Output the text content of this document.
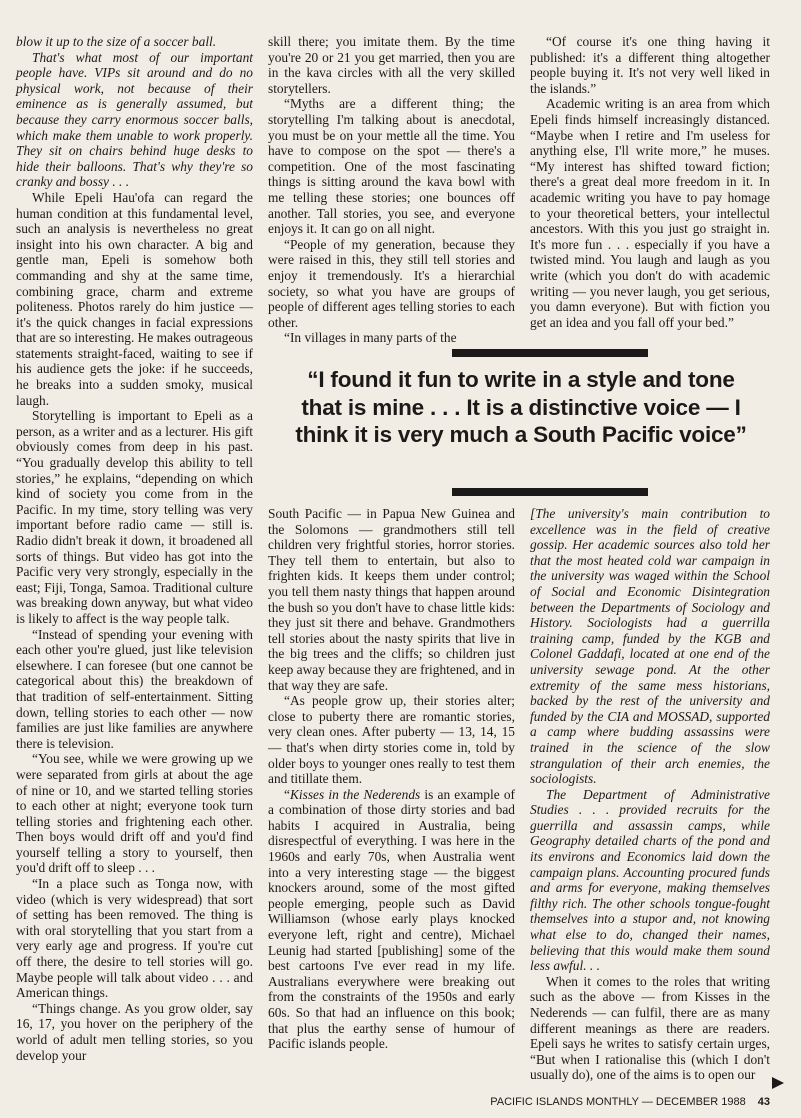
blow it up to the size of a soccer ball.

That's what most of our important people have. VIPs sit around and do no physical work, not because of their eminence as is generally assumed, but because they carry enormous soccer balls, which make them unable to work properly. They sit on chairs behind huge desks to hide their balloons. That's why they're so cranky and bossy . . .

While Epeli Hau'ofa can regard the human condition at this fundamental level, such an analysis is nevertheless no great insight into his own character. A big and gentle man, Epeli is somehow both commanding and shy at the same time, combining grace, charm and extreme politeness. Photos rarely do him justice — it's the quick changes in facial expressions that are so interesting. He makes outrageous statements straight-faced, waiting to see if his audience gets the joke: if he succeeds, he breaks into a sudden smoky, musical laugh.

Storytelling is important to Epeli as a person, as a writer and as a lecturer. His gift obviously comes from deep in his past. “You gradually develop this ability to tell stories,” he explains, “depending on which kind of society you come from in the Pacific. In my time, story telling was very important before radio came — still is. Radio didn't break it down, it broadened all sorts of things. But video has got into the Pacific very very strongly, especially in the east; Fiji, Tonga, Samoa. Traditional culture was breaking down anyway, but what video is likely to affect is the way people talk.

“Instead of spending your evening with each other you're glued, just like television elsewhere. I can foresee (but one cannot be categorical about this) the breakdown of that tradition of self-entertainment. Sitting down, telling stories to each other — now families are just like families are anywhere there is television.

“You see, while we were growing up we were separated from girls at about the age of nine or 10, and we started telling stories to each other at night; everyone took turn telling stories and frightening each other. Then boys would drift off and you'd find yourself telling a story to yourself, then you'd drift off to sleep . . .

“In a place such as Tonga now, with video (which is very widespread) that sort of setting has been removed. The thing is with oral storytelling that you start from a very early age and progress. If you're cut off there, the desire to tell stories will go. Maybe people will talk about video . . . and American things.

“Things change. As you grow older, say 16, 17, you hover on the periphery of the world of adult men telling stories, so you develop your

skill there; you imitate them. By the time you're 20 or 21 you get married, then you are in the kava circles with all the very skilled storytellers.

“Myths are a different thing; the storytelling I'm talking about is anecdotal, you must be on your mettle all the time. You have to compose on the spot — there's a competition. One of the most fascinating things is sitting around the kava bowl with me telling these stories; one bounces off another. Tall stories, you see, and everyone enjoys it. It can go on all night.

“People of my generation, because they were raised in this, they still tell stories and enjoy it tremendously. It's a hierarchial society, so what you have are groups of people of different ages telling stories to each other.

“In villages in many parts of the

“Of course it's one thing having it published: it's a different thing altogether people buying it. It's not very well liked in the islands.”

Academic writing is an area from which Epeli finds himself increasingly distanced. “Maybe when I retire and I'm useless for anything else, I'll write more,” he muses. “My interest has shifted toward fiction; there's a great deal more freedom in it. In academic writing you have to pay homage to your theoretical betters, your intellectul ancestors. With this you just go straight in. It's more fun . . . especially if you have a twisted mind. You laugh and laugh as you write (which you don't do with academic writing — you never laugh, you get serious, you damn everyone). But with fiction you get an idea and you fall off your bed.”

“I found it fun to write in a style and tone that is mine . . . It is a distinctive voice — I think it is very much a South Pacific voice”

South Pacific — in Papua New Guinea and the Solomons — grandmothers still tell children very frightful stories, horror stories. They tell them to entertain, but also to frighten kids. It keeps them under control; you tell them nasty things that happen around the bush so you don't have to chase little kids: they just sit there and behave. Grandmothers tell stories about the nasty spirits that live in the big trees and the cliffs; so children just keep away because they are frightened, and in that way they are safe.

“As people grow up, their stories alter; close to puberty there are romantic stories, very clean ones. After puberty — 13, 14, 15 — that's when dirty stories come in, told by older boys to younger ones really to test them and titillate them.

“Kisses in the Nederends is an example of a combination of those dirty stories and bad habits I acquired in Australia, being disrespectful of everything. I was here in the 1960s and early 70s, when Australia went into a very interesting stage — the biggest knockers around, some of the most gifted people emerging, people such as David Williamson (whose early plays knocked everyone left, right and centre), Michael Leunig had started [publishing] some of the best cartoons I've ever read in my life. Australians everywhere were breaking out from the constraints of the 1950s and early 60s. So that had an influence on this book; that plus the earthy sense of humour of Pacific islands people.

[The university's main contribution to excellence was in the field of creative gossip. Her academic sources also told her that the most heated cold war campaign in the university was waged within the School of Social and Economic Disintegration between the Departments of Sociology and History. Sociologists had a guerrilla training camp, funded by the KGB and Colonel Gaddafi, located at one end of the university sewage pond. At the other extremity of the same mess historians, backed by the rest of the university and funded by the CIA and MOSSAD, supported a camp where budding assassins were trained in the science of the slow strangulation of their arch enemies, the sociologists.

The Department of Administrative Studies . . . provided recruits for the guerrilla and assassin camps, while Geography detailed charts of the pond and its environs and Economics laid down the campaign plans. Accounting procured funds and arms for everyone, making themselves filthy rich. The other schools tongue-fought themselves into a stupor and, not knowing what else to do, changed their names, believing that this would make them sound less awful. . .

When it comes to the roles that writing such as the above — from Kisses in the Nederends — can fulfil, there are as many different meanings as there are readers. Epeli says he writes to satisfy certain urges, “But when I rationalise this (which I don't usually do), one of the aims is to open our

PACIFIC ISLANDS MONTHLY — DECEMBER 1988 43
